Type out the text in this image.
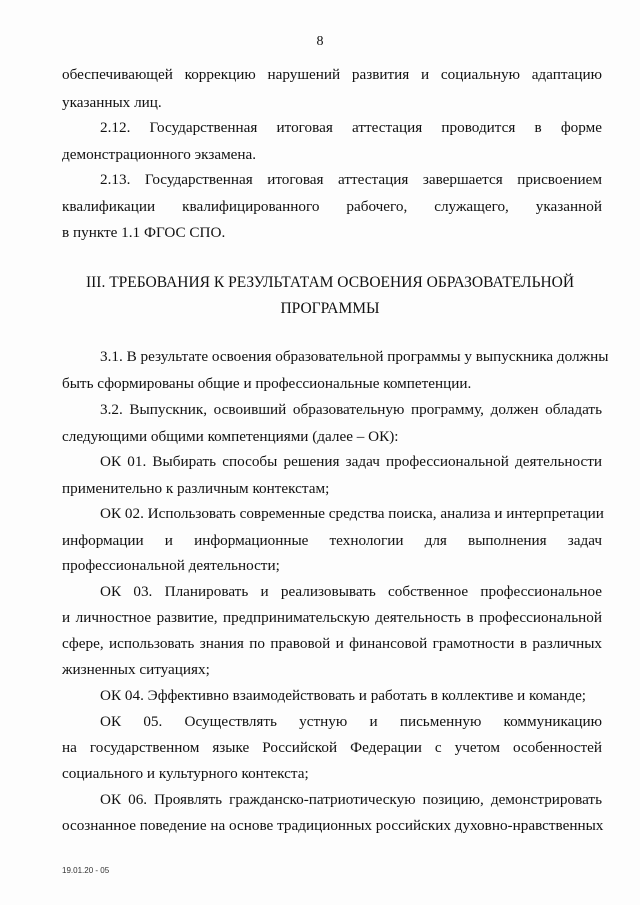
8
обеспечивающей коррекцию нарушений развития и социальную адаптацию
указанных лиц.
2.12. Государственная итоговая аттестация проводится в форме
демонстрационного экзамена.
2.13. Государственная итоговая аттестация завершается присвоением
квалификации квалифицированного рабочего, служащего, указанной
в пункте 1.1 ФГОС СПО.
III. ТРЕБОВАНИЯ К РЕЗУЛЬТАТАМ ОСВОЕНИЯ ОБРАЗОВАТЕЛЬНОЙ
ПРОГРАММЫ
3.1. В результате освоения образовательной программы у выпускника должны
быть сформированы общие и профессиональные компетенции.
3.2. Выпускник, освоивший образовательную программу, должен обладать
следующими общими компетенциями (далее – ОК):
ОК 01. Выбирать способы решения задач профессиональной деятельности
применительно к различным контекстам;
ОК 02. Использовать современные средства поиска, анализа и интерпретации
информации и информационные технологии для выполнения задач
профессиональной деятельности;
ОК 03. Планировать и реализовывать собственное профессиональное
и личностное развитие, предпринимательскую деятельность в профессиональной
сфере, использовать знания по правовой и финансовой грамотности в различных
жизненных ситуациях;
ОК 04. Эффективно взаимодействовать и работать в коллективе и команде;
ОК 05. Осуществлять устную и письменную коммуникацию
на государственном языке Российской Федерации с учетом особенностей
социального и культурного контекста;
ОК 06. Проявлять гражданско-патриотическую позицию, демонстрировать
осознанное поведение на основе традиционных российских духовно-нравственных
19.01.20 - 05
